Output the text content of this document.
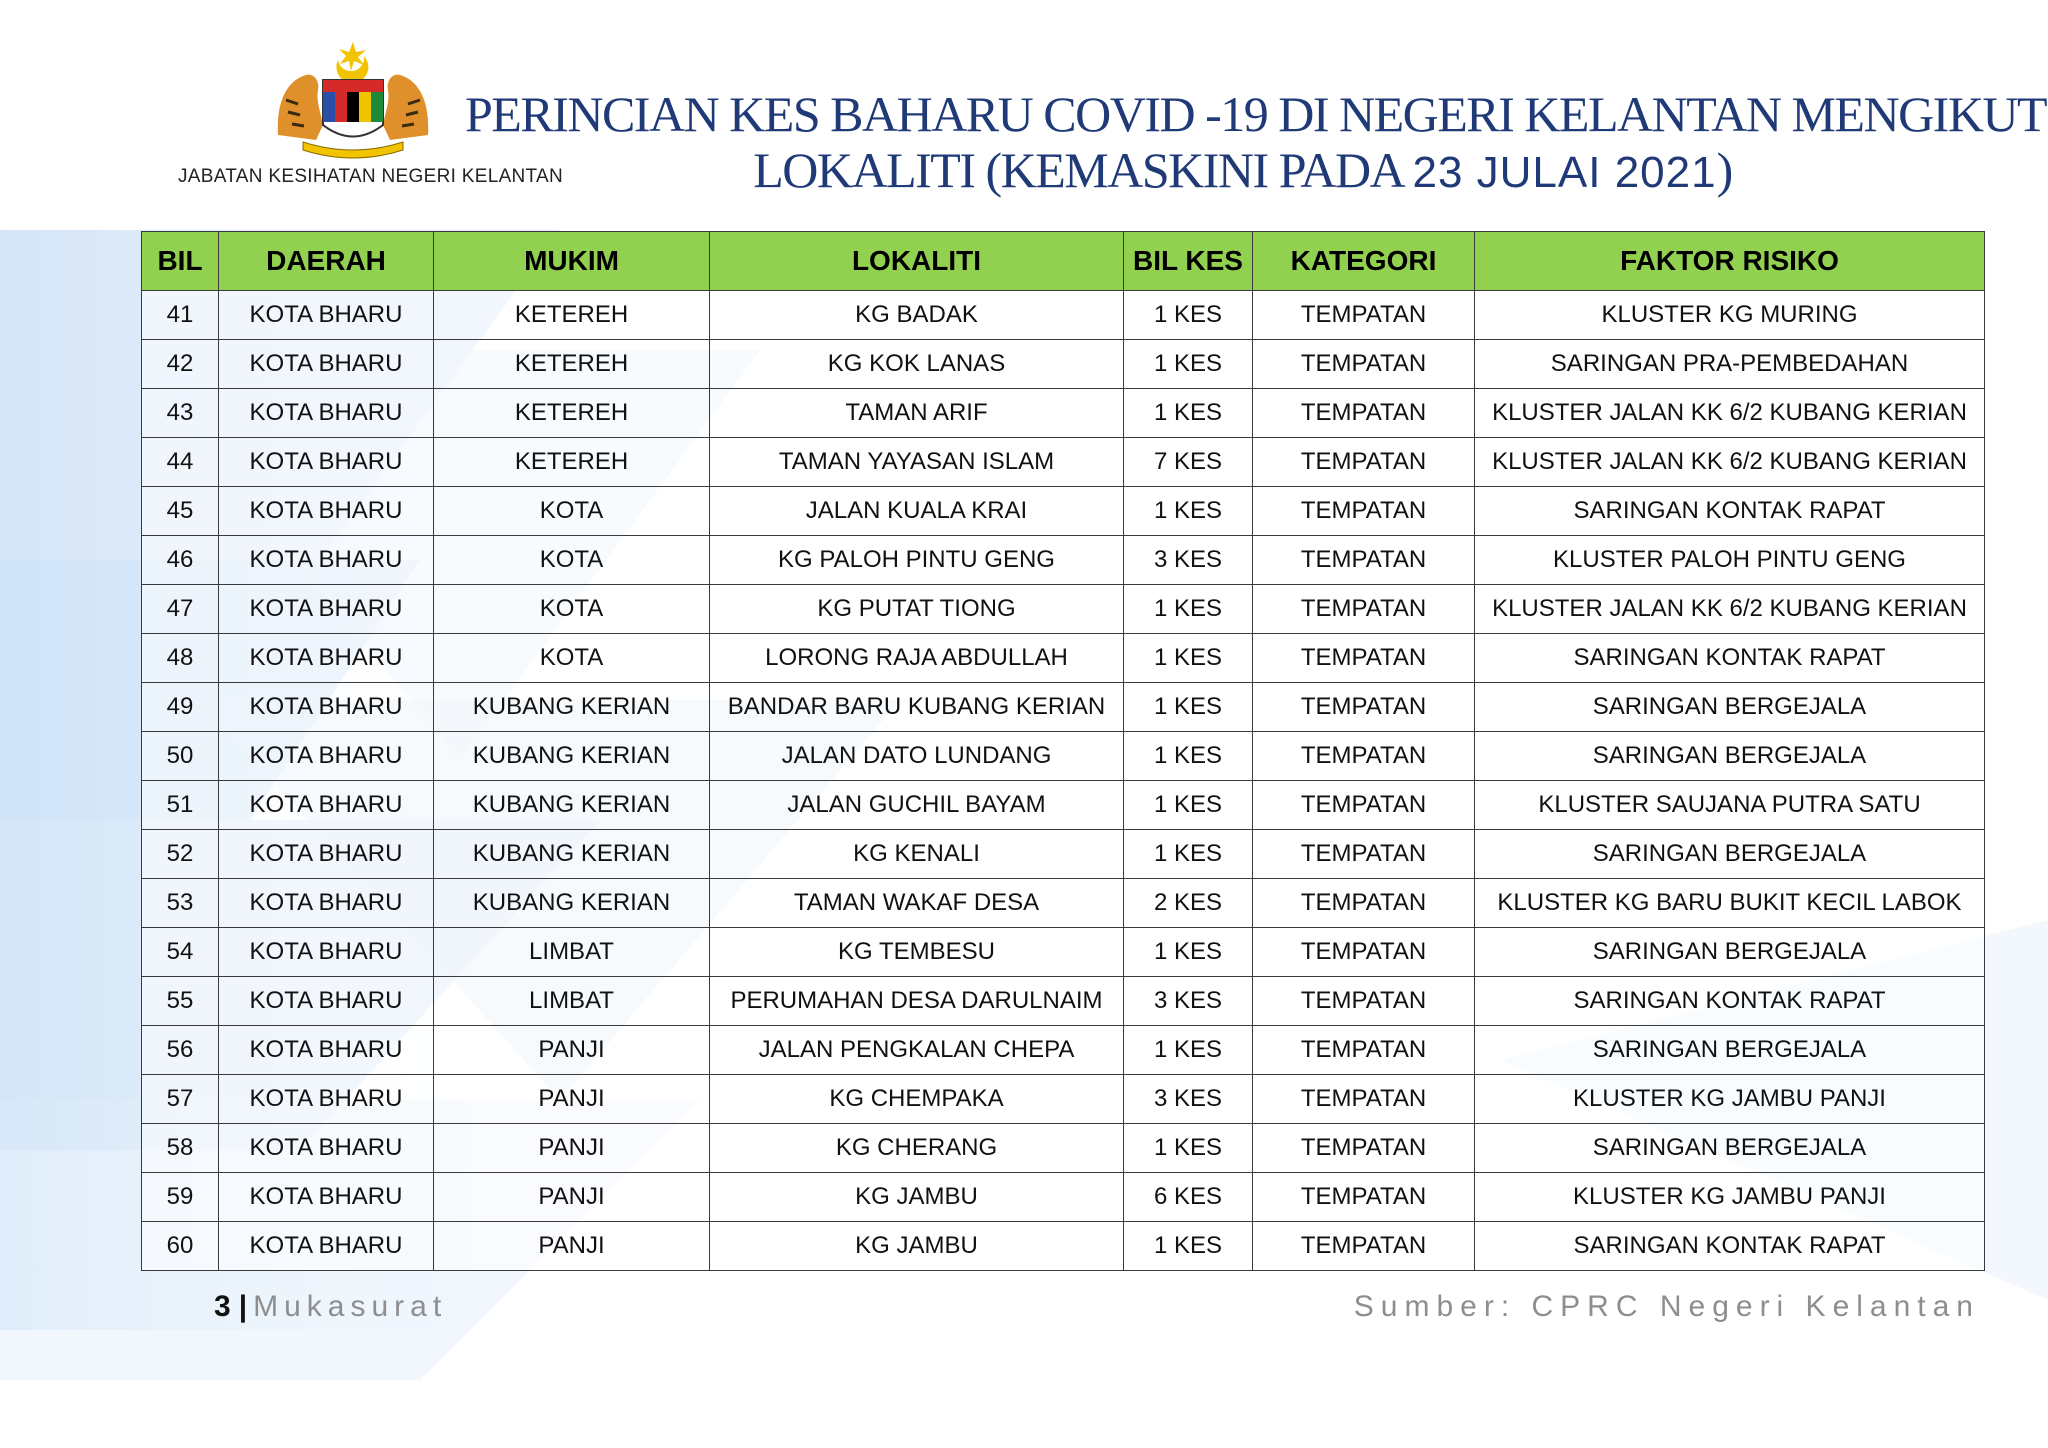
JABATAN KESIHATAN NEGERI KELANTAN
PERINCIAN KES BAHARU COVID -19 DI NEGERI KELANTAN MENGIKUT
LOKALITI (KEMASKINI PADA 23 JULAI 2021)
BIL	DAERAH	MUKIM	LOKALITI	BIL KES	KATEGORI	FAKTOR RISIKO
41	KOTA BHARU	KETEREH	KG BADAK	1 KES	TEMPATAN	KLUSTER KG MURING
42	KOTA BHARU	KETEREH	KG KOK LANAS	1 KES	TEMPATAN	SARINGAN PRA-PEMBEDAHAN
43	KOTA BHARU	KETEREH	TAMAN ARIF	1 KES	TEMPATAN	KLUSTER JALAN KK 6/2 KUBANG KERIAN
44	KOTA BHARU	KETEREH	TAMAN YAYASAN ISLAM	7 KES	TEMPATAN	KLUSTER JALAN KK 6/2 KUBANG KERIAN
45	KOTA BHARU	KOTA	JALAN KUALA KRAI	1 KES	TEMPATAN	SARINGAN KONTAK RAPAT
46	KOTA BHARU	KOTA	KG PALOH PINTU GENG	3 KES	TEMPATAN	KLUSTER PALOH PINTU GENG
47	KOTA BHARU	KOTA	KG PUTAT TIONG	1 KES	TEMPATAN	KLUSTER JALAN KK 6/2 KUBANG KERIAN
48	KOTA BHARU	KOTA	LORONG RAJA ABDULLAH	1 KES	TEMPATAN	SARINGAN KONTAK RAPAT
49	KOTA BHARU	KUBANG KERIAN	BANDAR BARU KUBANG KERIAN	1 KES	TEMPATAN	SARINGAN BERGEJALA
50	KOTA BHARU	KUBANG KERIAN	JALAN DATO LUNDANG	1 KES	TEMPATAN	SARINGAN BERGEJALA
51	KOTA BHARU	KUBANG KERIAN	JALAN GUCHIL BAYAM	1 KES	TEMPATAN	KLUSTER SAUJANA PUTRA SATU
52	KOTA BHARU	KUBANG KERIAN	KG KENALI	1 KES	TEMPATAN	SARINGAN BERGEJALA
53	KOTA BHARU	KUBANG KERIAN	TAMAN WAKAF DESA	2 KES	TEMPATAN	KLUSTER KG BARU BUKIT KECIL LABOK
54	KOTA BHARU	LIMBAT	KG TEMBESU	1 KES	TEMPATAN	SARINGAN BERGEJALA
55	KOTA BHARU	LIMBAT	PERUMAHAN DESA DARULNAIM	3 KES	TEMPATAN	SARINGAN KONTAK RAPAT
56	KOTA BHARU	PANJI	JALAN PENGKALAN CHEPA	1 KES	TEMPATAN	SARINGAN BERGEJALA
57	KOTA BHARU	PANJI	KG CHEMPAKA	3 KES	TEMPATAN	KLUSTER KG JAMBU PANJI
58	KOTA BHARU	PANJI	KG CHERANG	1 KES	TEMPATAN	SARINGAN BERGEJALA
59	KOTA BHARU	PANJI	KG JAMBU	6 KES	TEMPATAN	KLUSTER KG JAMBU PANJI
60	KOTA BHARU	PANJI	KG JAMBU	1 KES	TEMPATAN	SARINGAN KONTAK RAPAT
3 | Mukasurat	Sumber: CPRC Negeri Kelantan
